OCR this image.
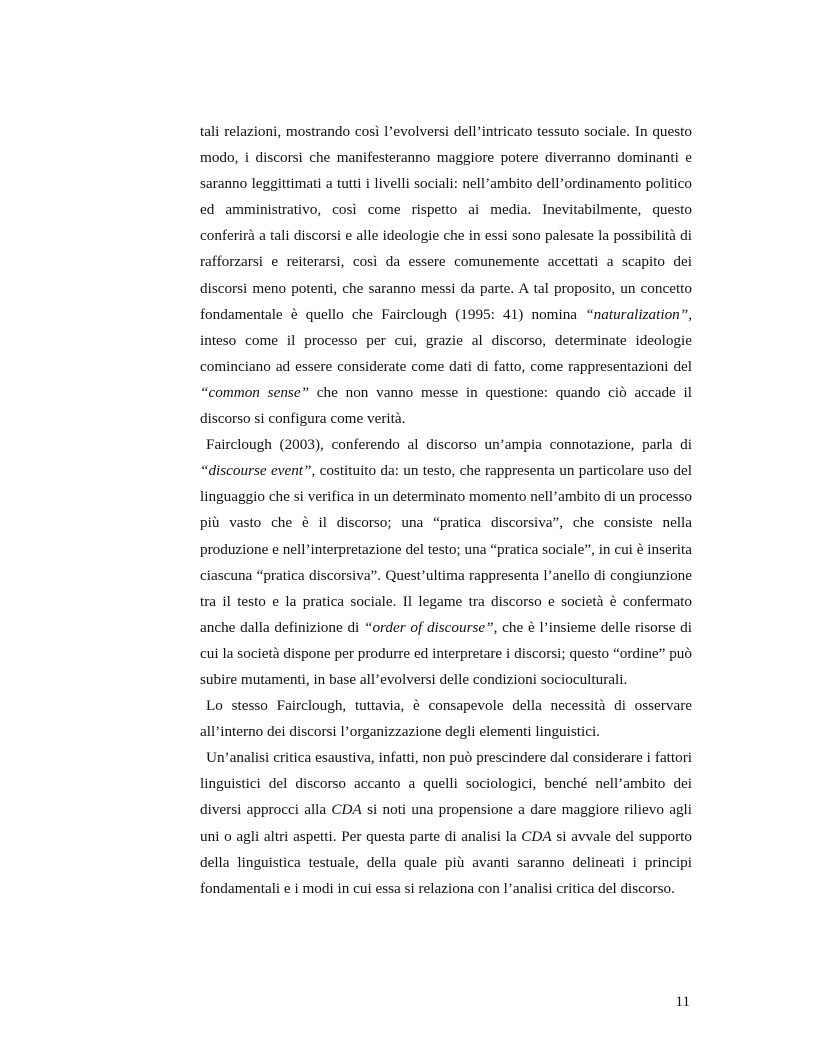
tali relazioni, mostrando così l’evolversi dell’intricato tessuto sociale. In questo modo, i discorsi che manifesteranno maggiore potere diverranno dominanti e saranno leggittimati a tutti i livelli sociali: nell’ambito dell’ordinamento politico ed amministrativo, così come rispetto ai media. Inevitabilmente, questo conferirà a tali discorsi e alle ideologie che in essi sono palesate la possibilità di rafforzarsi e reiterarsi, così da essere comunemente accettati a scapito dei discorsi meno potenti, che saranno messi da parte. A tal proposito, un concetto fondamentale è quello che Fairclough (1995: 41) nomina “naturalization”, inteso come il processo per cui, grazie al discorso, determinate ideologie cominciano ad essere considerate come dati di fatto, come rappresentazioni del “common sense” che non vanno messe in questione: quando ciò accade il discorso si configura come verità.

Fairclough (2003), conferendo al discorso un’ampia connotazione, parla di “discourse event”, costituito da: un testo, che rappresenta un particolare uso del linguaggio che si verifica in un determinato momento nell’ambito di un processo più vasto che è il discorso; una “pratica discorsiva”, che consiste nella produzione e nell’interpretazione del testo; una “pratica sociale”, in cui è inserita ciascuna “pratica discorsiva”. Quest’ultima rappresenta l’anello di congiunzione tra il testo e la pratica sociale. Il legame tra discorso e società è confermato anche dalla definizione di “order of discourse”, che è l’insieme delle risorse di cui la società dispone per produrre ed interpretare i discorsi; questo “ordine” può subire mutamenti, in base all’evolversi delle condizioni socioculturali.

Lo stesso Fairclough, tuttavia, è consapevole della necessità di osservare all’interno dei discorsi l’organizzazione degli elementi linguistici.

Un’analisi critica esaustiva, infatti, non può prescindere dal considerare i fattori linguistici del discorso accanto a quelli sociologici, benché nell’ambito dei diversi approcci alla CDA si noti una propensione a dare maggiore rilievo agli uni o agli altri aspetti. Per questa parte di analisi la CDA si avvale del supporto della linguistica testuale, della quale più avanti saranno delineati i principi fondamentali e i modi in cui essa si relaziona con l’analisi critica del discorso.

11
